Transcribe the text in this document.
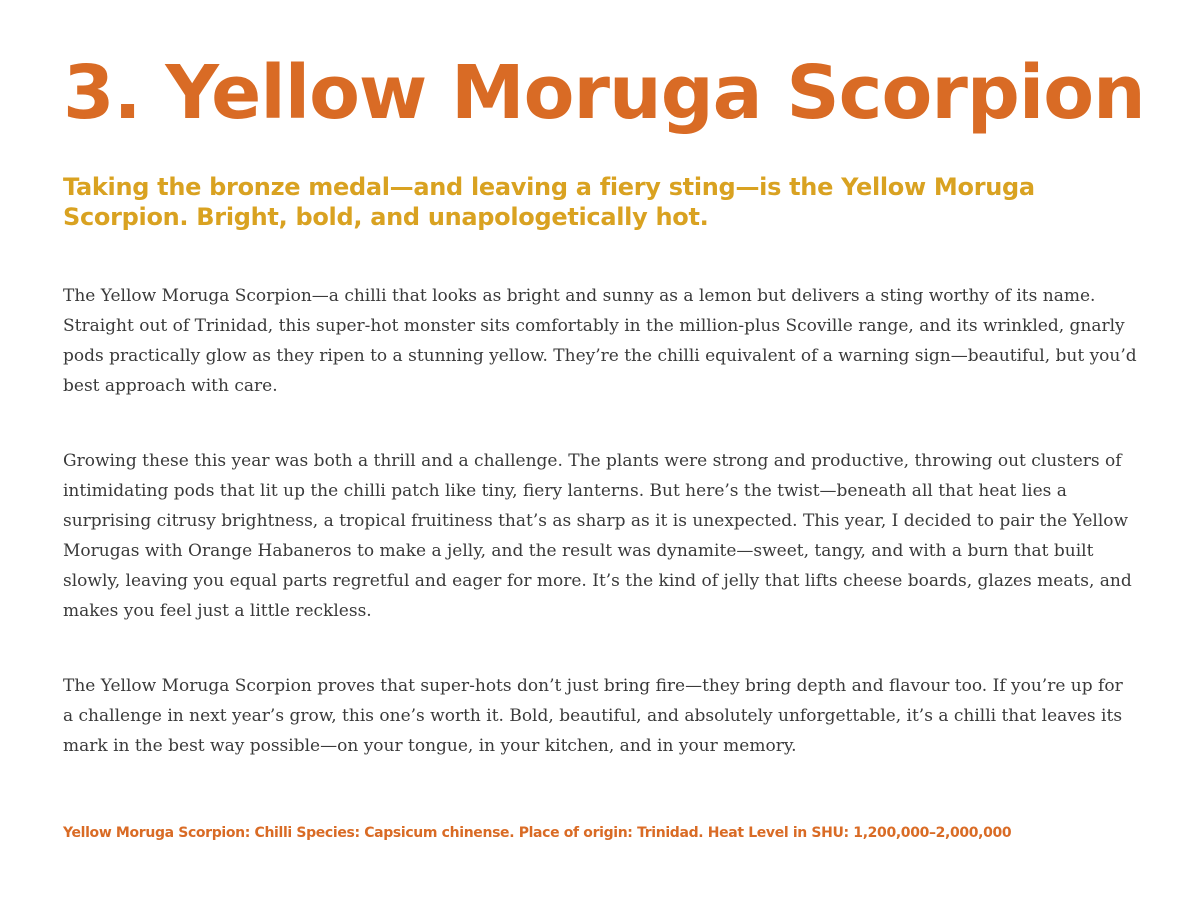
3. Yellow Moruga Scorpion
Taking the bronze medal—and leaving a fiery sting—is the Yellow Moruga Scorpion. Bright, bold, and unapologetically hot.

The Yellow Moruga Scorpion—a chilli that looks as bright and sunny as a lemon but delivers a sting worthy of its name. Straight out of Trinidad, this super-hot monster sits comfortably in the million-plus Scoville range, and its wrinkled, gnarly pods practically glow as they ripen to a stunning yellow. They’re the chilli equivalent of a warning sign—beautiful, but you’d best approach with care.

Growing these this year was both a thrill and a challenge. The plants were strong and productive, throwing out clusters of intimidating pods that lit up the chilli patch like tiny, fiery lanterns. But here’s the twist—beneath all that heat lies a surprising citrusy brightness, a tropical fruitiness that’s as sharp as it is unexpected. This year, I decided to pair the Yellow Morugas with Orange Habaneros to make a jelly, and the result was dynamite—sweet, tangy, and with a burn that built slowly, leaving you equal parts regretful and eager for more. It’s the kind of jelly that lifts cheese boards, glazes meats, and makes you feel just a little reckless.

The Yellow Moruga Scorpion proves that super-hots don’t just bring fire—they bring depth and flavour too. If you’re up for a challenge in next year’s grow, this one’s worth it. Bold, beautiful, and absolutely unforgettable, it’s a chilli that leaves its mark in the best way possible—on your tongue, in your kitchen, and in your memory.

Yellow Moruga Scorpion: Chilli Species: Capsicum chinense. Place of origin: Trinidad. Heat Level in SHU: 1,200,000–2,000,000
